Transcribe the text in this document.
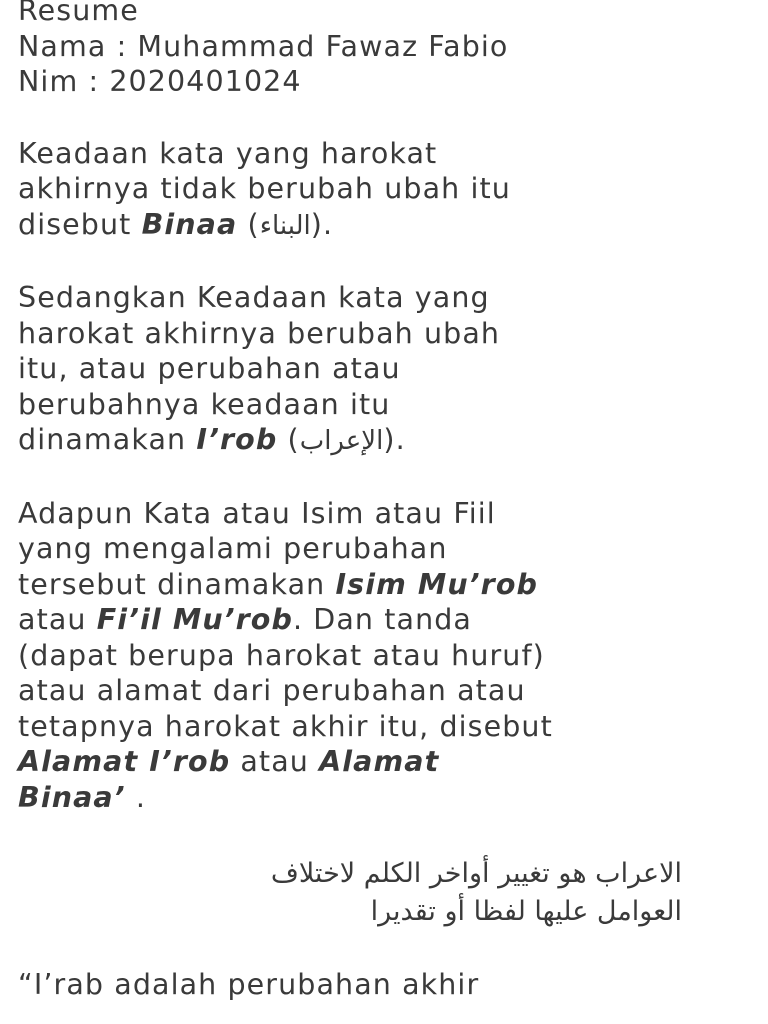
Resume

Nama : Muhammad Fawaz Fabio

Nim : 2020401024

Keadaan kata yang harokat

akhirnya tidak berubah ubah itu

disebut Binaa (البناء).

Sedangkan Keadaan kata yang

harokat akhirnya berubah ubah

itu, atau perubahan atau

berubahnya keadaan itu

dinamakan I’rob (الإعراب).

Adapun Kata atau Isim atau Fiil

yang mengalami perubahan

tersebut dinamakan Isim Mu’rob

atau Fi’il Mu’rob. Dan tanda

(dapat berupa harokat atau huruf)

atau alamat dari perubahan atau

tetapnya harokat akhir itu, disebut

Alamat I’rob atau Alamat

Binaa’ .

الاعراب هو تغيير أواخر الكلم لاختلاف
العوامل عليها لفظا أو تقديرا

“I’rab adalah perubahan akhir
